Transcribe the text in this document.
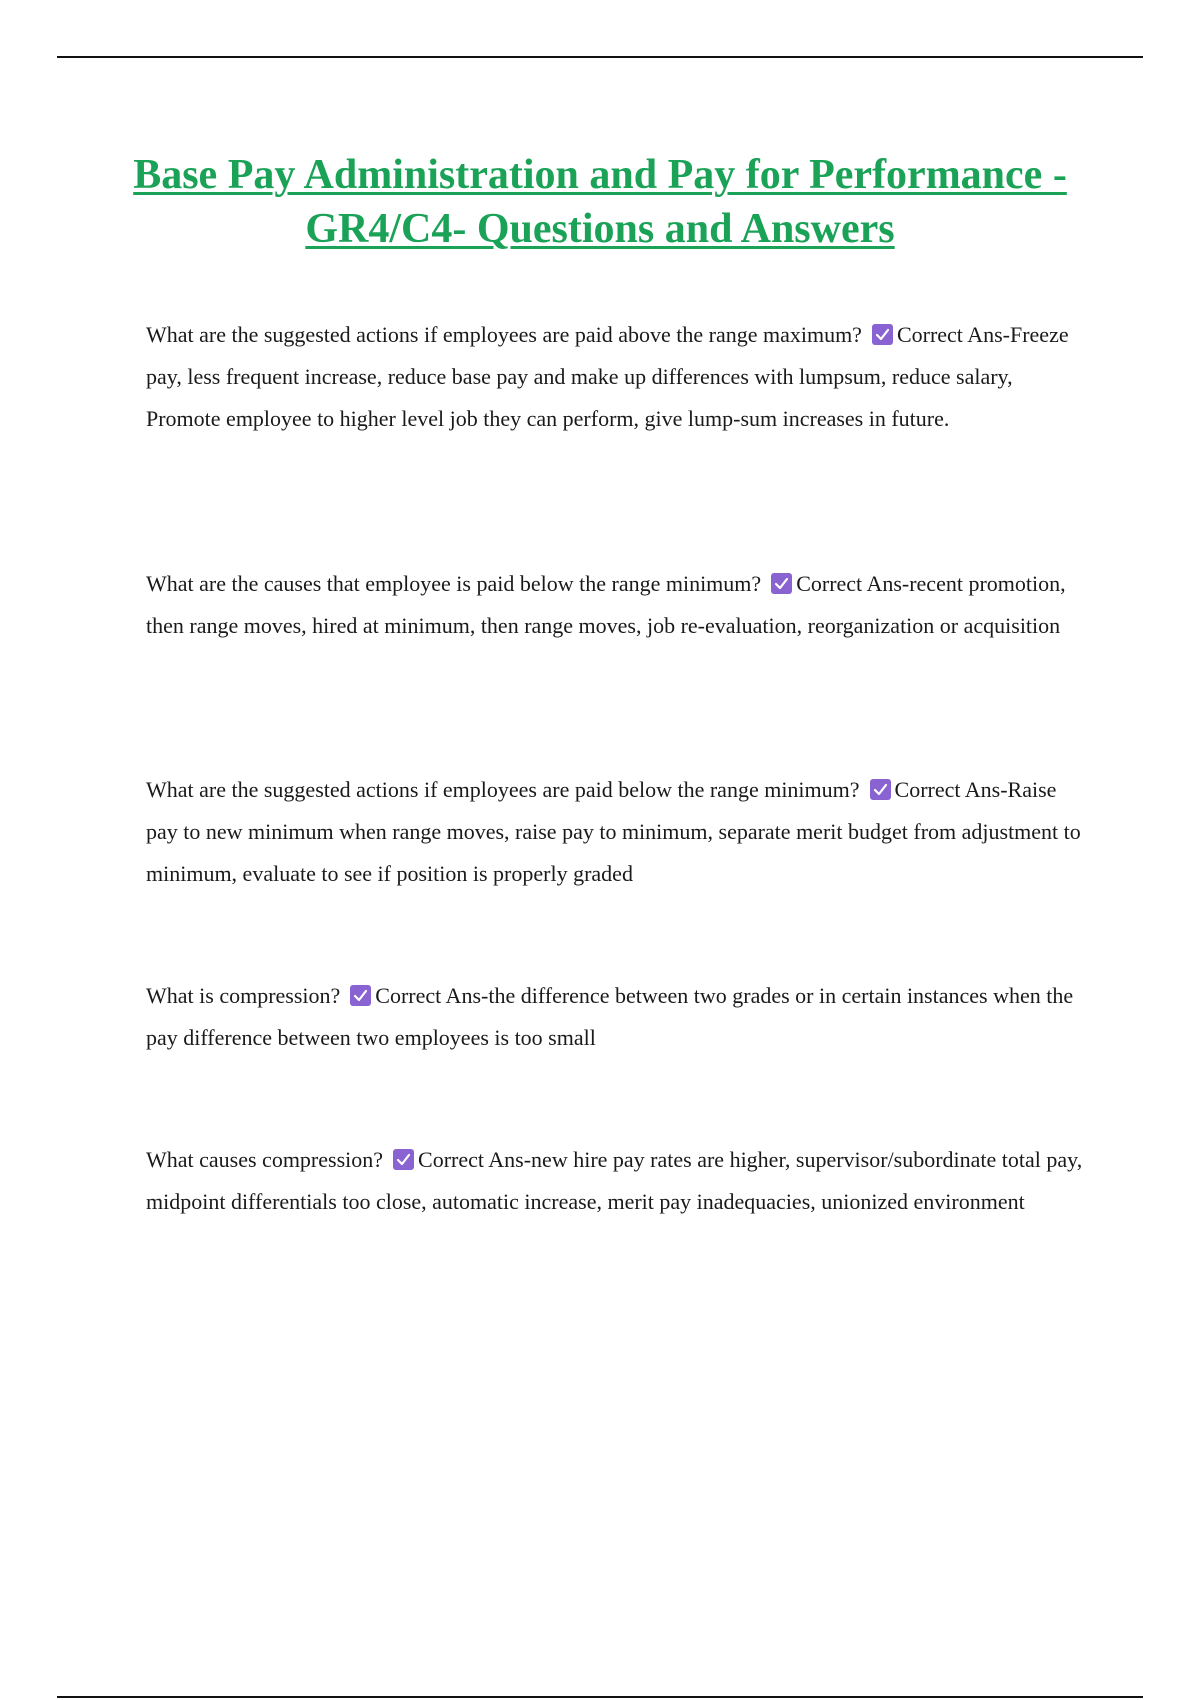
Base Pay Administration and Pay for Performance - GR4/C4- Questions and Answers

What are the suggested actions if employees are paid above the range maximum? Correct Ans-Freeze pay, less frequent increase, reduce base pay and make up differences with lumpsum, reduce salary, Promote employee to higher level job they can perform, give lump-sum increases in future.

What are the causes that employee is paid below the range minimum? Correct Ans-recent promotion, then range moves, hired at minimum, then range moves, job re-evaluation, reorganization or acquisition

What are the suggested actions if employees are paid below the range minimum? Correct Ans-Raise pay to new minimum when range moves, raise pay to minimum, separate merit budget from adjustment to minimum, evaluate to see if position is properly graded

What is compression? Correct Ans-the difference between two grades or in certain instances when the pay difference between two employees is too small

What causes compression? Correct Ans-new hire pay rates are higher, supervisor/subordinate total pay, midpoint differentials too close, automatic increase, merit pay inadequacies, unionized environment
